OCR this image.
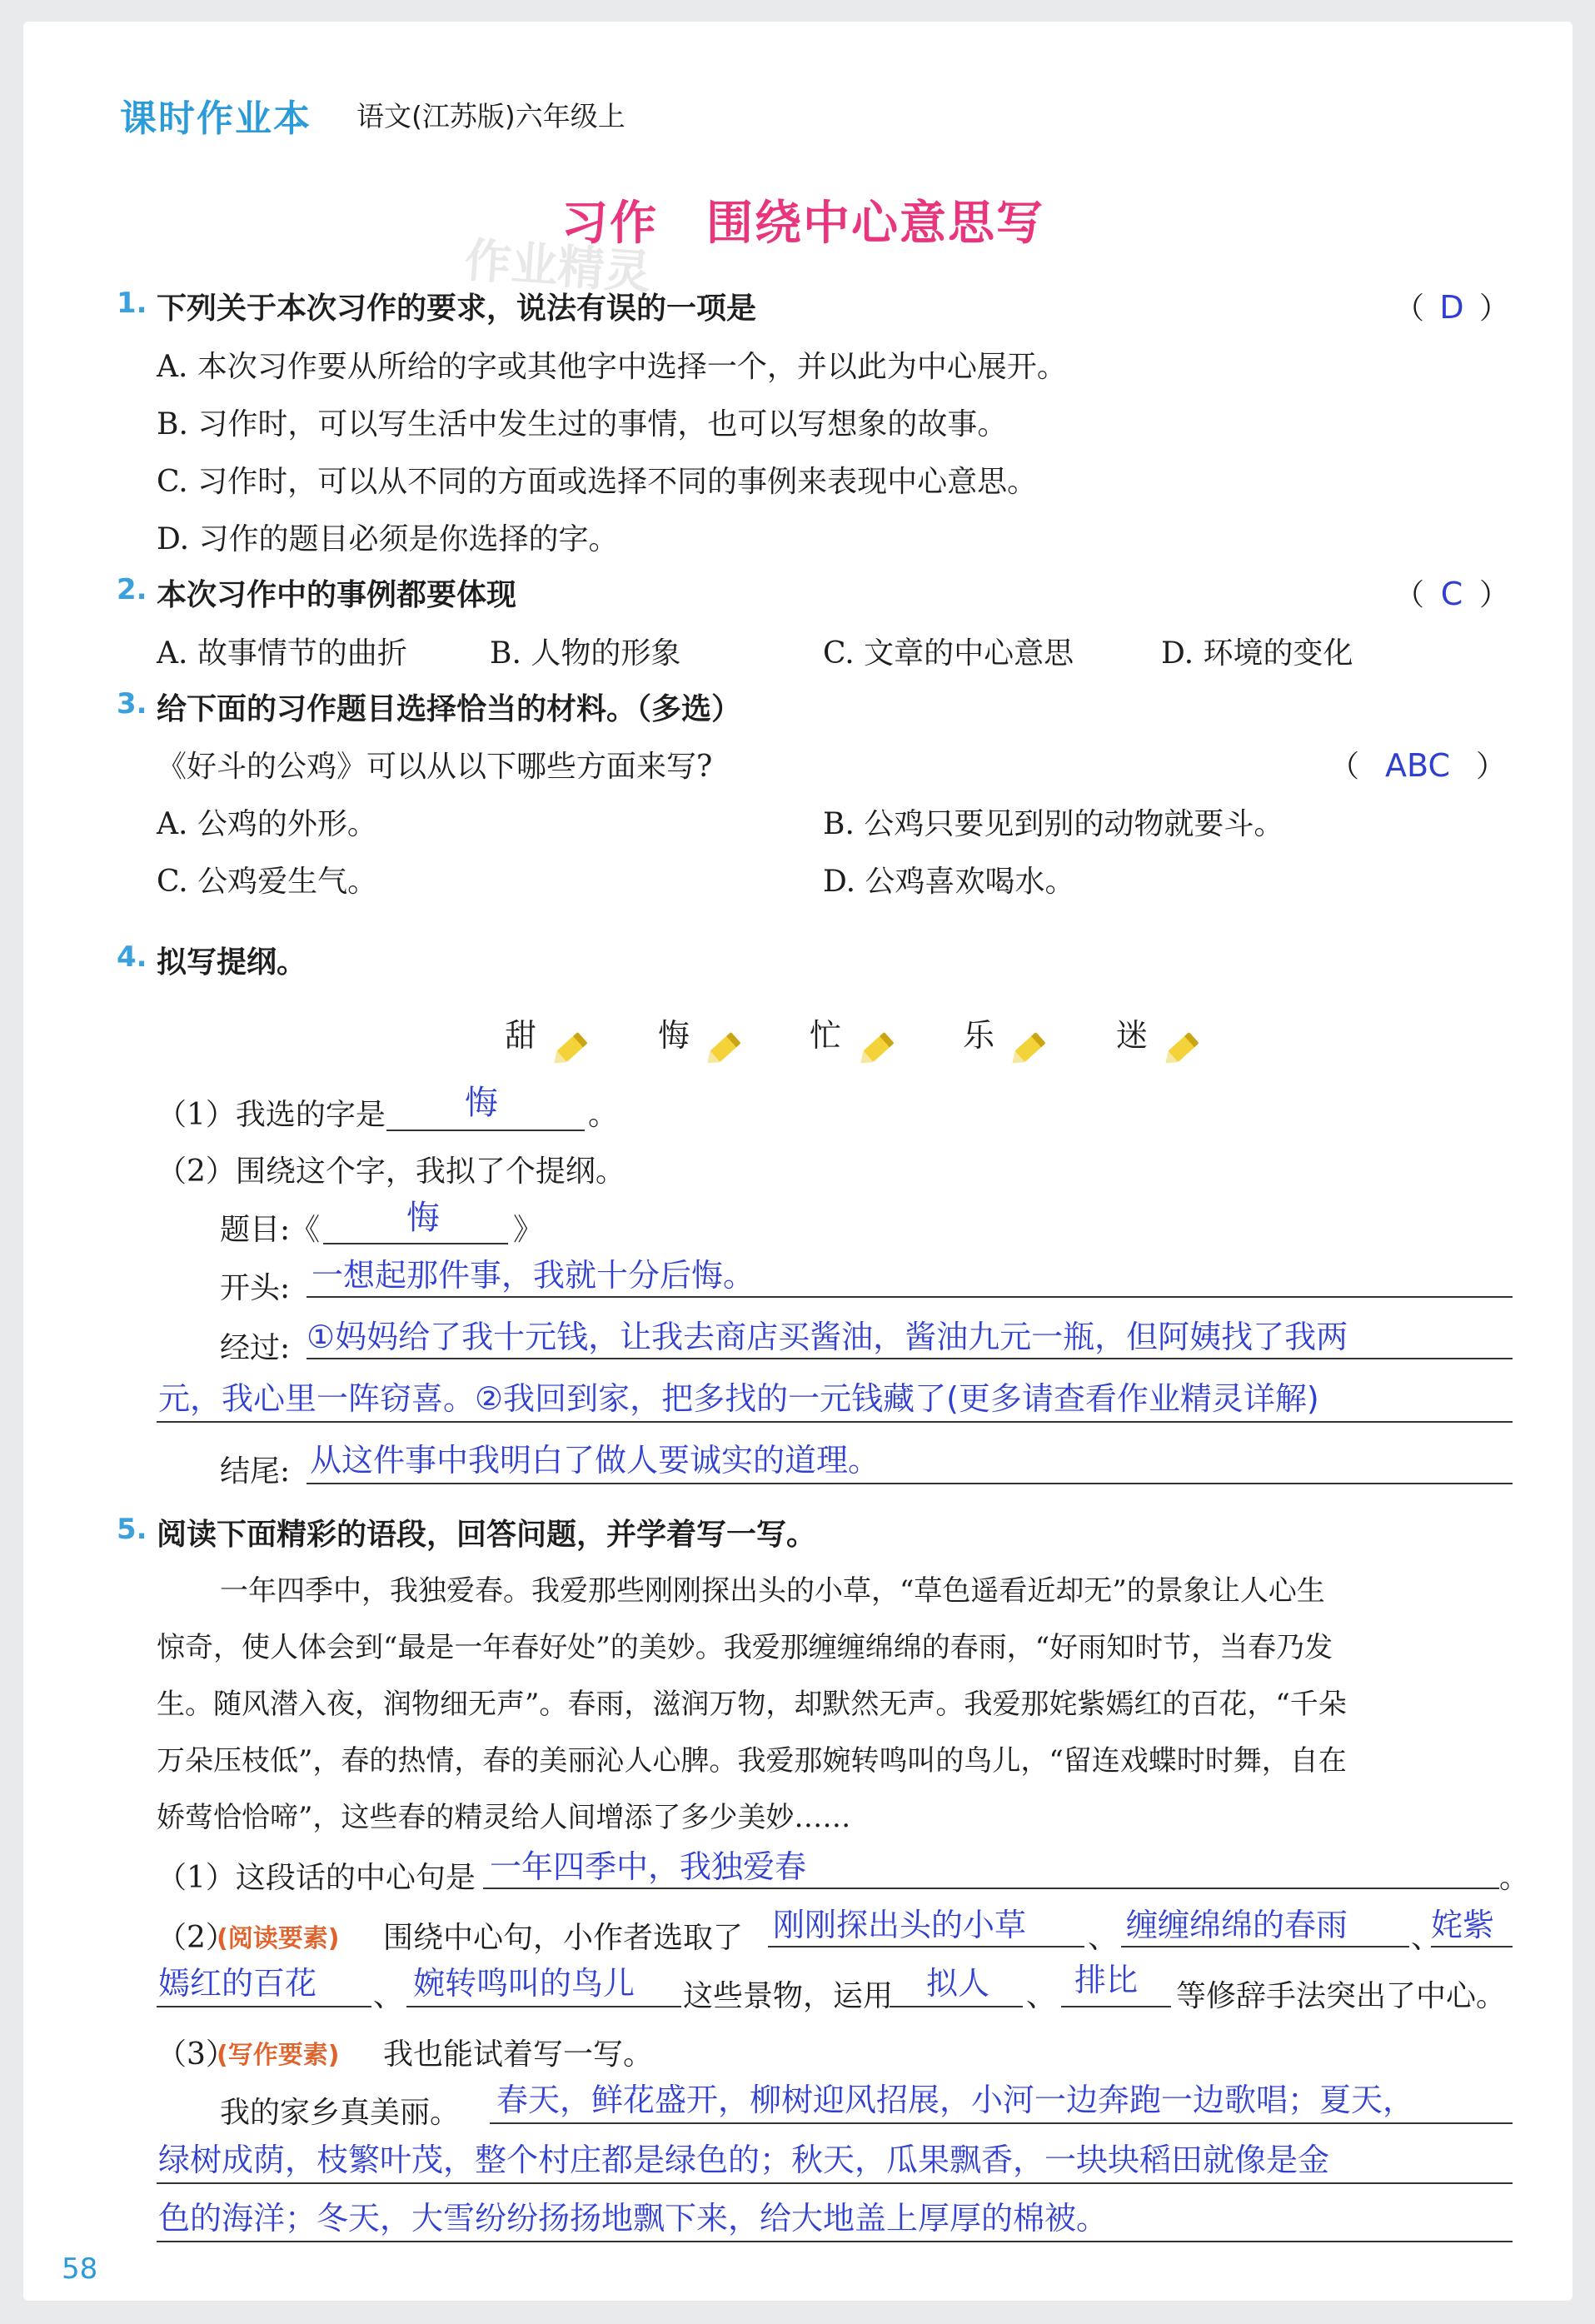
课时作业本 语文(江苏版)六年级上
习作　围绕中心意思写
作业精灵
1. 下列关于本次习作的要求，说法有误的一项是	（ D ）
A. 本次习作要从所给的字或其他字中选择一个，并以此为中心展开。
B. 习作时，可以写生活中发生过的事情，也可以写想象的故事。
C. 习作时，可以从不同的方面或选择不同的事例来表现中心意思。
D. 习作的题目必须是你选择的字。
2. 本次习作中的事例都要体现	（ C ）
A. 故事情节的曲折	B. 人物的形象	C. 文章的中心意思	D. 环境的变化
3. 给下面的习作题目选择恰当的材料。（多选）
《好斗的公鸡》可以从以下哪些方面来写?	（ ABC ）
A. 公鸡的外形。	B. 公鸡只要见到别的动物就要斗。
C. 公鸡爱生气。	D. 公鸡喜欢喝水。
4. 拟写提纲。
甜	悔	忙	乐	迷
（1）我选的字是 悔	。
（2）围绕这个字，我拟了个提纲。
题目:《	悔 》
开头: 一想起那件事，我就十分后悔。
经过: ①妈妈给了我十元钱，让我去商店买酱油，酱油九元一瓶，但阿姨找了我两
元，我心里一阵窃喜。②我回到家，把多找的一元钱藏了(更多请查看作业精灵详解)
结尾: 从这件事中我明白了做人要诚实的道理。
5. 阅读下面精彩的语段，回答问题，并学着写一写。
一年四季中，我独爱春。我爱那些刚刚探出头的小草，“草色遥看近却无”的景象让人心生
惊奇，使人体会到“最是一年春好处”的美妙。我爱那缠缠绵绵的春雨，“好雨知时节，当春乃发
生。随风潜入夜，润物细无声”。春雨，滋润万物，却默然无声。我爱那姹紫嫣红的百花，“千朵
万朵压枝低”，春的热情，春的美丽沁人心脾。我爱那婉转鸣叫的鸟儿，“留连戏蝶时时舞，自在
娇莺恰恰啼”，这些春的精灵给人间增添了多少美妙……
（1）这段话的中心句是 一年四季中，我独爱春	。
（2）
(阅读要素) 围绕中心句，小作者选取了 刚刚探出头的小草 、 缠缠绵绵的春雨 、
姹紫
嫣红的百花 、 婉转鸣叫的鸟儿 这些景物，运用 拟人 、 排比 等修辞手法突出了中心。
（3）
(写作要素) 我也能试着写一写。
我的家乡真美丽。 春天，鲜花盛开，柳树迎风招展，小河一边奔跑一边歌唱；夏天，
绿树成荫，枝繁叶茂，整个村庄都是绿色的；秋天，瓜果飘香，一块块稻田就像是金
色的海洋；冬天，大雪纷纷扬扬地飘下来，给大地盖上厚厚的棉被。
58
